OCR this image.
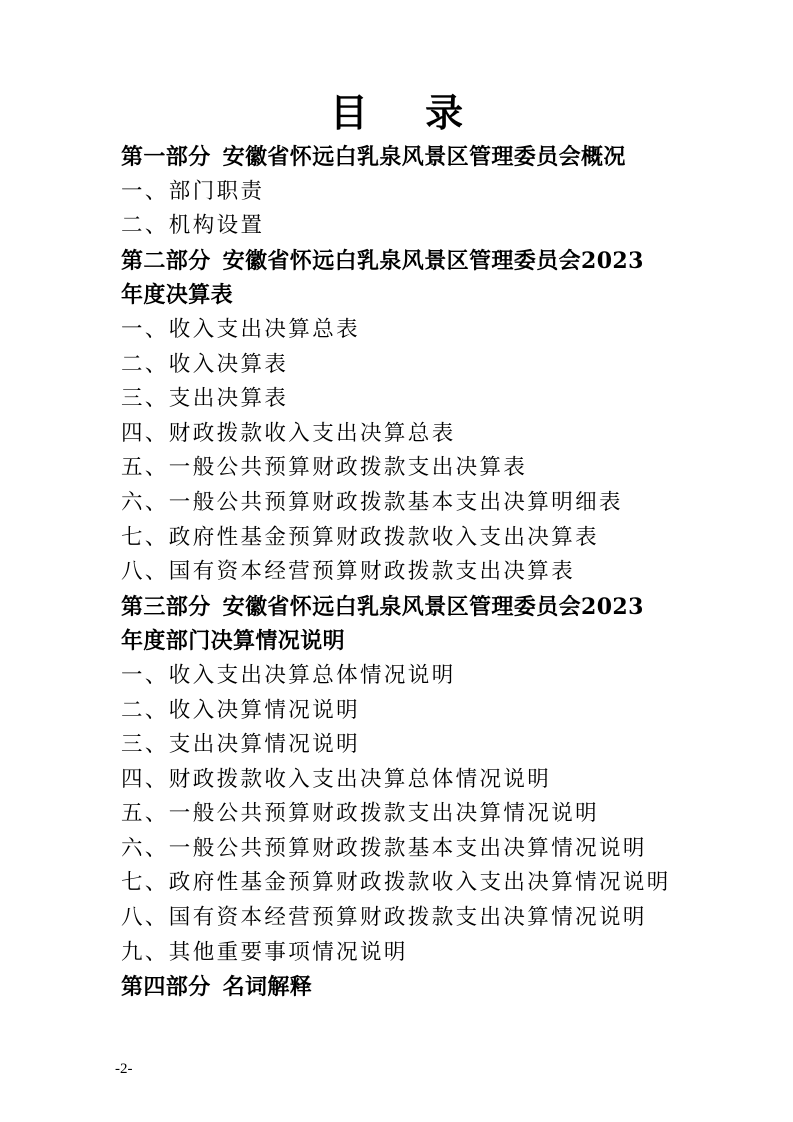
目 录
第一部分 安徽省怀远白乳泉风景区管理委员会概况
一、部门职责
二、机构设置
第二部分 安徽省怀远白乳泉风景区管理委员会2023
年度决算表
一、收入支出决算总表
二、收入决算表
三、支出决算表
四、财政拨款收入支出决算总表
五、一般公共预算财政拨款支出决算表
六、一般公共预算财政拨款基本支出决算明细表
七、政府性基金预算财政拨款收入支出决算表
八、国有资本经营预算财政拨款支出决算表
第三部分 安徽省怀远白乳泉风景区管理委员会2023
年度部门决算情况说明
一、收入支出决算总体情况说明
二、收入决算情况说明
三、支出决算情况说明
四、财政拨款收入支出决算总体情况说明
五、一般公共预算财政拨款支出决算情况说明
六、一般公共预算财政拨款基本支出决算情况说明
七、政府性基金预算财政拨款收入支出决算情况说明
八、国有资本经营预算财政拨款支出决算情况说明
九、其他重要事项情况说明
第四部分 名词解释
-2-
